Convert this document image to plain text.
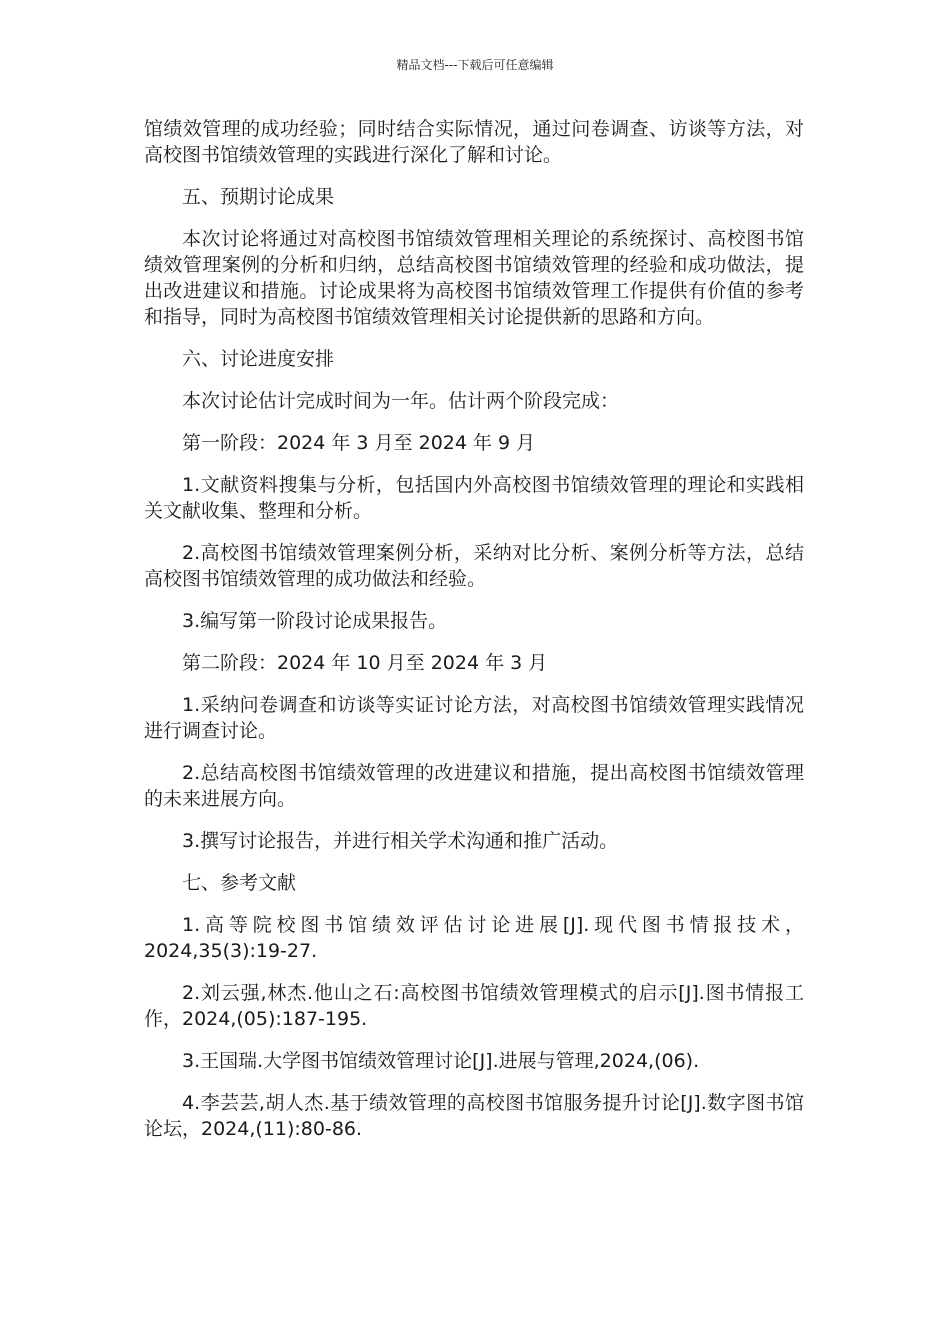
精品文档---下载后可任意编辑

馆绩效管理的成功经验；同时结合实际情况，通过问卷调查、访谈等方法，对高校图书馆绩效管理的实践进行深化了解和讨论。

五、预期讨论成果

本次讨论将通过对高校图书馆绩效管理相关理论的系统探讨、高校图书馆绩效管理案例的分析和归纳，总结高校图书馆绩效管理的经验和成功做法，提出改进建议和措施。讨论成果将为高校图书馆绩效管理工作提供有价值的参考和指导，同时为高校图书馆绩效管理相关讨论提供新的思路和方向。

六、讨论进度安排

本次讨论估计完成时间为一年。估计两个阶段完成：

第一阶段：2024 年 3 月至 2024 年 9 月

1.文献资料搜集与分析，包括国内外高校图书馆绩效管理的理论和实践相关文献收集、整理和分析。

2.高校图书馆绩效管理案例分析，采纳对比分析、案例分析等方法，总结高校图书馆绩效管理的成功做法和经验。

3.编写第一阶段讨论成果报告。

第二阶段：2024 年 10 月至 2024 年 3 月

1.采纳问卷调查和访谈等实证讨论方法，对高校图书馆绩效管理实践情况进行调查讨论。

2.总结高校图书馆绩效管理的改进建议和措施，提出高校图书馆绩效管理的未来进展方向。

3.撰写讨论报告，并进行相关学术沟通和推广活动。

七、参考文献

1.高等院校图书馆绩效评估讨论进展[J].现代图书情报技术，2024,35(3):19-27.

2.刘云强,林杰.他山之石:高校图书馆绩效管理模式的启示[J].图书情报工作，2024,(05):187-195.

3.王国瑞.大学图书馆绩效管理讨论[J].进展与管理,2024,(06).

4.李芸芸,胡人杰.基于绩效管理的高校图书馆服务提升讨论[J].数字图书馆论坛，2024,(11):80-86.
